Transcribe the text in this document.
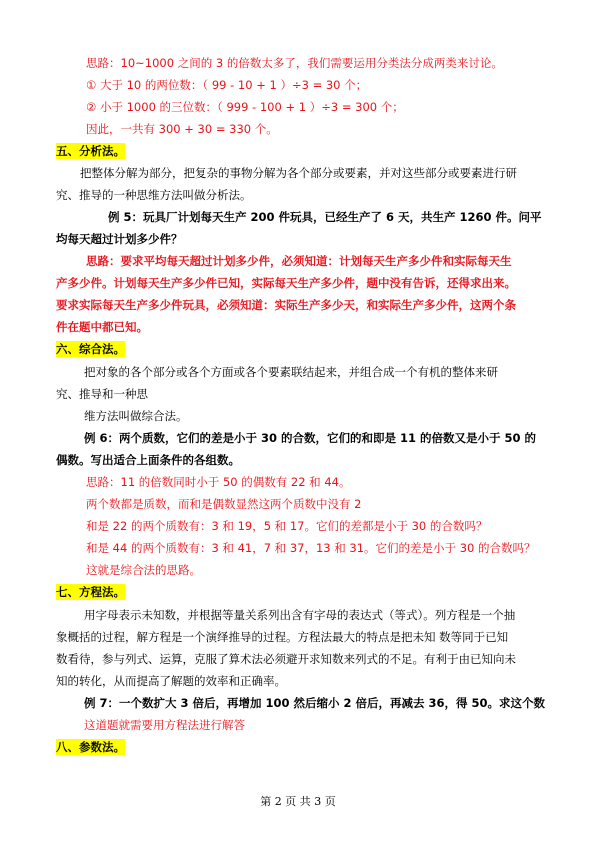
思路：10~1000 之间的 3 的倍数太多了，我们需要运用分类法分成两类来讨论。
① 大于 10 的两位数：（ 99 - 10 + 1 ）÷3 = 30 个；
② 小于 1000 的三位数：（ 999 - 100 + 1 ）÷3 = 300 个；
因此，一共有 300 + 30 = 330 个。
五、分析法。
把整体分解为部分，把复杂的事物分解为各个部分或要素，并对这些部分或要素进行研
究、推导的一种思维方法叫做分析法。
例 5：玩具厂计划每天生产 200 件玩具，已经生产了 6 天，共生产 1260 件。问平
均每天超过计划多少件？
思路：要求平均每天超过计划多少件，必须知道：计划每天生产多少件和实际每天生
产多少件。计划每天生产多少件已知，实际每天生产多少件，题中没有告诉，还得求出来。
要求实际每天生产多少件玩具，必须知道：实际生产多少天，和实际生产多少件，这两个条
件在题中都已知。
六、综合法。
把对象的各个部分或各个方面或各个要素联结起来，并组合成一个有机的整体来研
究、推导和一种思
维方法叫做综合法。
例 6：两个质数，它们的差是小于 30 的合数，它们的和即是 11 的倍数又是小于 50 的
偶数。写出适合上面条件的各组数。
思路：11 的倍数同时小于 50 的偶数有 22 和 44。
两个数都是质数，而和是偶数显然这两个质数中没有 2
和是 22 的两个质数有：3 和 19，5 和 17。它们的差都是小于 30 的合数吗？
和是 44 的两个质数有：3 和 41，7 和 37，13 和 31。它们的差是小于 30 的合数吗？
这就是综合法的思路。
七、方程法。
用字母表示未知数，并根据等量关系列出含有字母的表达式（等式）。列方程是一个抽
象概括的过程，解方程是一个演绎推导的过程。方程法最大的特点是把未知 数等同于已知
数看待，参与列式、运算，克服了算术法必须避开求知数来列式的不足。有利于由已知向未
知的转化，从而提高了解题的效率和正确率。
例 7：一个数扩大 3 倍后，再增加 100 然后缩小 2 倍后，再减去 36，得 50。求这个数
这道题就需要用方程法进行解答
八、参数法。
第 2 页 共 3 页
